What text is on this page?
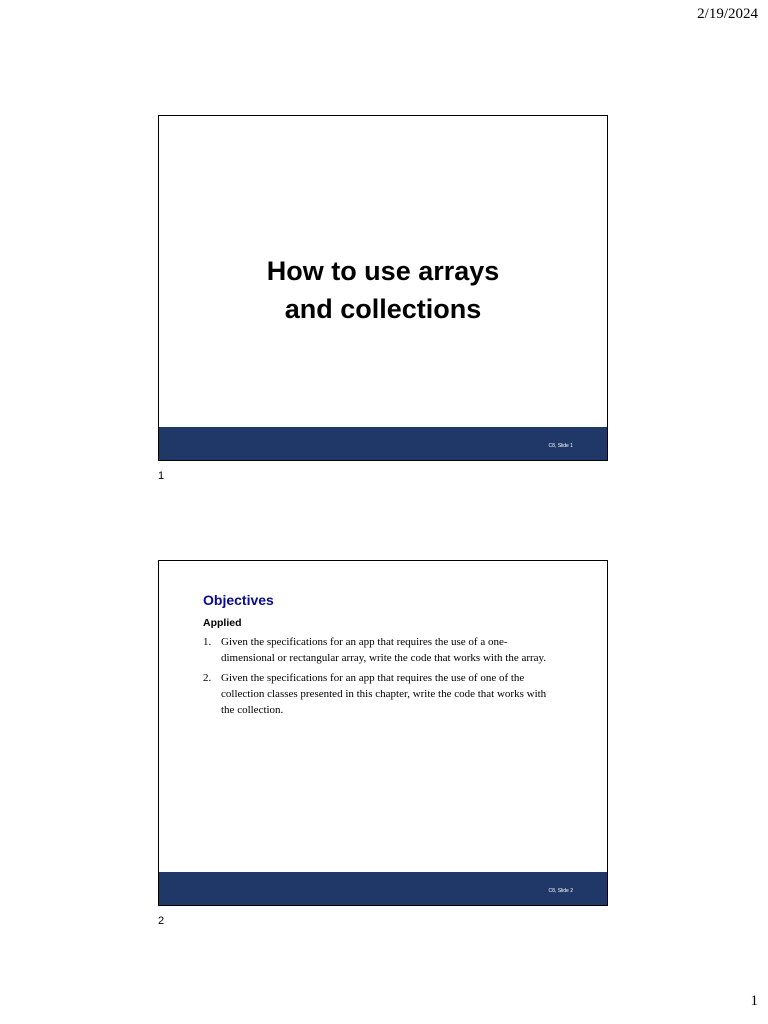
2/19/2024
How to use arrays
and collections
C8, Slide 1
1
Objectives
Applied
1. Given the specifications for an app that requires the use of a one-dimensional or rectangular array, write the code that works with the array.
2. Given the specifications for an app that requires the use of one of the collection classes presented in this chapter, write the code that works with the collection.
C8, Slide 2
2
1
